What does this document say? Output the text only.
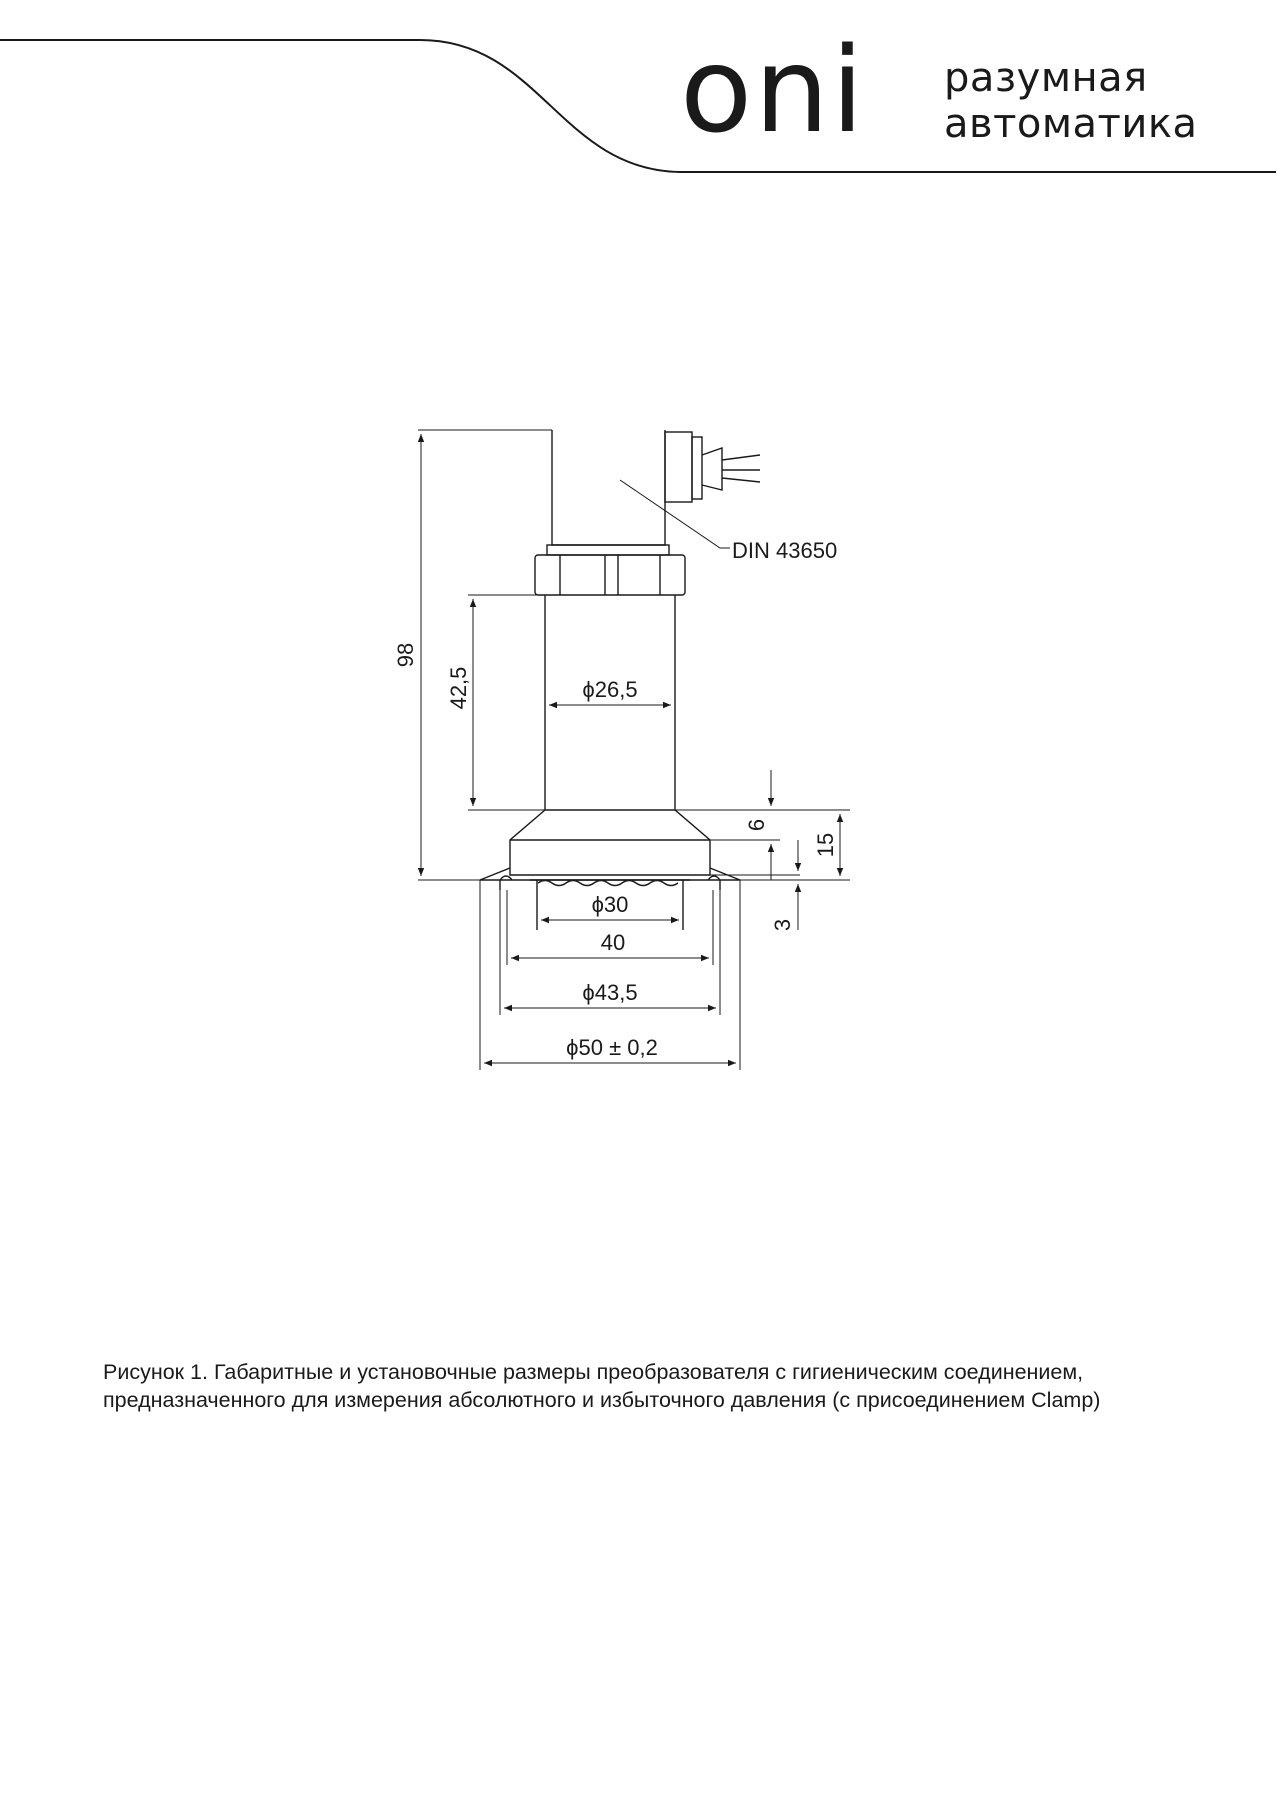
oni разумная
автоматика
DIN 43650
98
42,5	ϕ26,5
6
15
3
ϕ30
40
ϕ43,5
ϕ50 ± 0,2
Рисунок 1. Габаритные и установочные размеры преобразователя с гигиеническим соединением,
предназначенного для измерения абсолютного и избыточного давления (с присоединением Clamp)
